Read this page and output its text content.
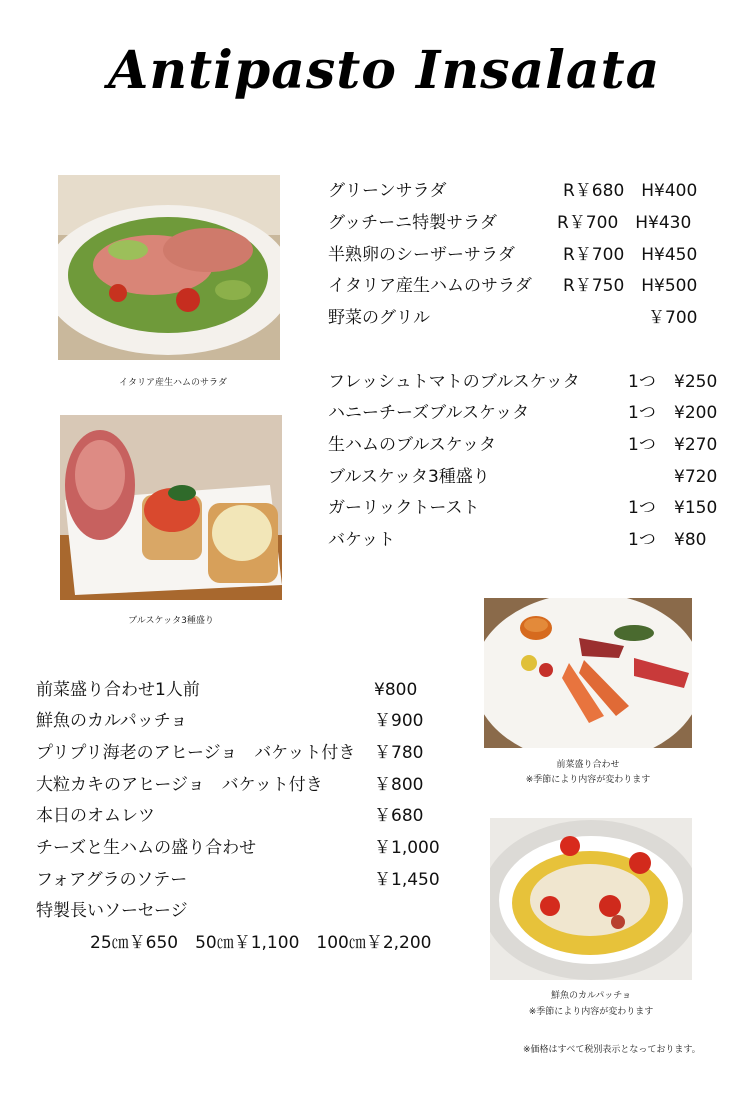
Antipasto Insalata
イタリア産生ハムのサラダ
ブルスケッタ3種盛り
前菜盛り合わせ
※季節により内容が変わります
鮮魚のカルパッチョ
※季節により内容が変わります
グリーンサラダ	R￥680　H¥400
グッチーニ特製サラダ	R￥700　H¥430
半熟卵のシーザーサラダ	R￥700　H¥450
イタリア産生ハムのサラダ R￥750　H¥500
野菜のグリル	￥700
フレッシュトマトのブルスケッタ	1つ ¥250
ハニーチーズブルスケッタ	1つ ¥200
生ハムのブルスケッタ	1つ ¥270
ブルスケッタ3種盛り	¥720
ガーリックトースト	1つ ¥150
バケット	1つ ¥80
前菜盛り合わせ1人前	¥800
鮮魚のカルパッチョ	￥900
プリプリ海老のアヒージョ　バケット付き ￥780
大粒カキのアヒージョ　バケット付き	￥800
本日のオムレツ	￥680
チーズと生ハムの盛り合わせ	￥1,000
フォアグラのソテー	￥1,450
特製長いソーセージ
25㎝￥650　50㎝￥1,100　100㎝￥2,200
※価格はすべて税別表示となっております。
